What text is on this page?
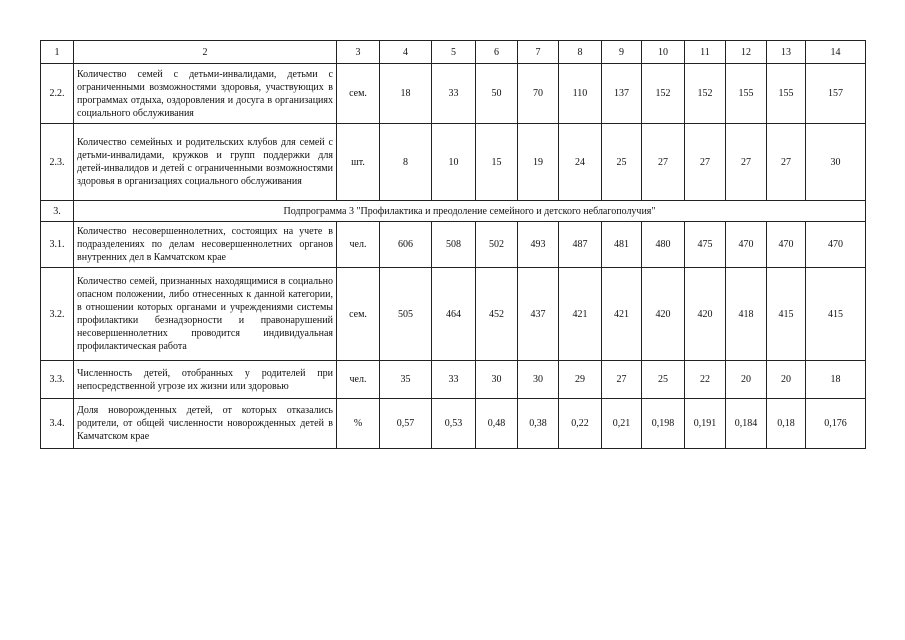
1	2	3	4	5	6	7	8	9	10	11	12	13	14
2.2.	Количество семей с детьми-инвалидами, детьми с ограниченными возможностями здоровья, участвующих в программах отдыха, оздоровления и досуга в организациях социального обслуживания	сем.	18	33	50	70	110	137	152	152	155	155	157
2.3.	Количество семейных и родительских клубов для семей с детьми-инвалидами, кружков и групп поддержки для детей-инвалидов и детей с ограниченными возможностями здоровья в организациях социального обслуживания	шт.	8	10	15	19	24	25	27	27	27	27	30
3.	Подпрограмма 3 "Профилактика и преодоление семейного и детского неблагополучия"												
3.1.	Количество несовершеннолетних, состоящих на учете в подразделениях по делам несовершеннолетних органов внутренних дел в Камчатском крае	чел.	606	508	502	493	487	481	480	475	470	470	470
3.2.	Количество семей, признанных находящимися в социально опасном положении, либо отнесенных к данной категории, в отношении которых органами и учреждениями системы профилактики безнадзорности и правонарушений несовершеннолетних проводится индивидуальная профилактическая работа	сем.	505	464	452	437	421	421	420	420	418	415	415
3.3.	Численность детей, отобранных у родителей при непосредственной угрозе их жизни или здоровью	чел.	35	33	30	30	29	27	25	22	20	20	18
3.4.	Доля новорожденных детей, от которых отказались родители, от общей численности новорожденных детей в Камчатском крае	%	0,57	0,53	0,48	0,38	0,22	0,21	0,198	0,191	0,184	0,18	0,176
